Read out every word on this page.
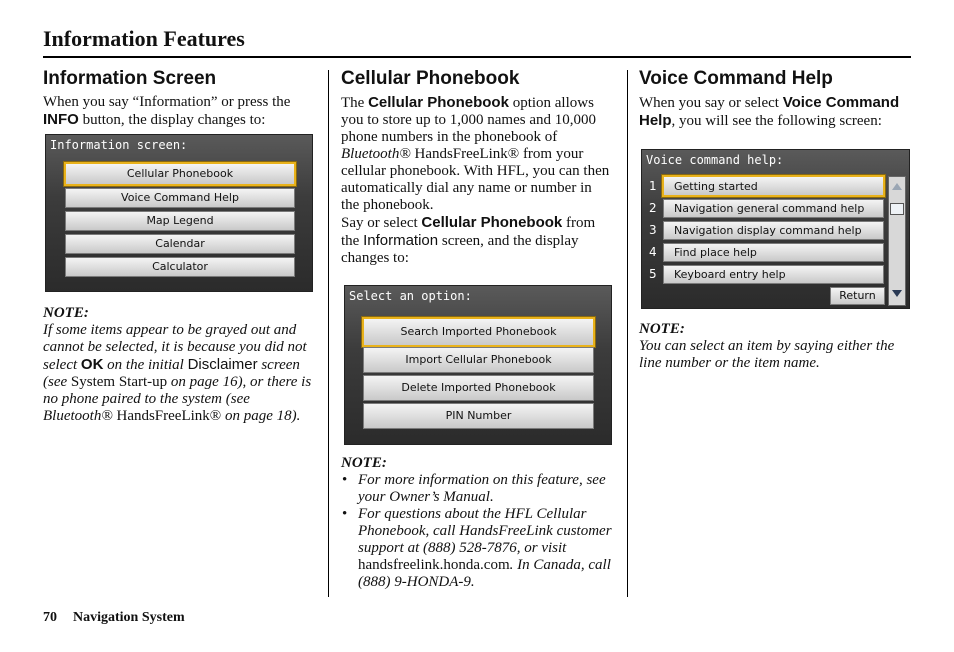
Information Features
Information Screen

When you say “Information” or press the INFO button, the display changes to:

Information screen:
Cellular Phonebook
Voice Command Help
Map Legend
Calendar
Calculator

NOTE:

If some items appear to be grayed out and cannot be selected, it is because you did not select OK on the initial Disclaimer screen (see System Start-up on page 16), or there is no phone paired to the system (see Bluetooth® HandsFreeLink® on page 18).

Cellular Phonebook

The Cellular Phonebook option allows you to store up to 1,000 names and 10,000 phone numbers in the phonebook of Bluetooth® HandsFreeLink® from your cellular phonebook. With HFL, you can then automatically dial any name or number in the phonebook.

Say or select Cellular Phonebook from the Information screen, and the display changes to:

Select an option:
Search Imported Phonebook
Import Cellular Phonebook
Delete Imported Phonebook
PIN Number

NOTE:

• For more information on this feature, see your Owner’s Manual.
• For questions about the HFL Cellular Phonebook, call HandsFreeLink customer support at (888) 528-7876, or visit handsfreelink.honda.com. In Canada, call (888) 9-HONDA-9.
Voice Command Help

When you say or select Voice Command Help, you will see the following screen:

Voice command help:
1
2
3
4
5
Getting started
Navigation general command help
Navigation display command help
Find place help
Keyboard entry help
Return

NOTE:

You can select an item by saying either the line number or the item name.

70 Navigation System
